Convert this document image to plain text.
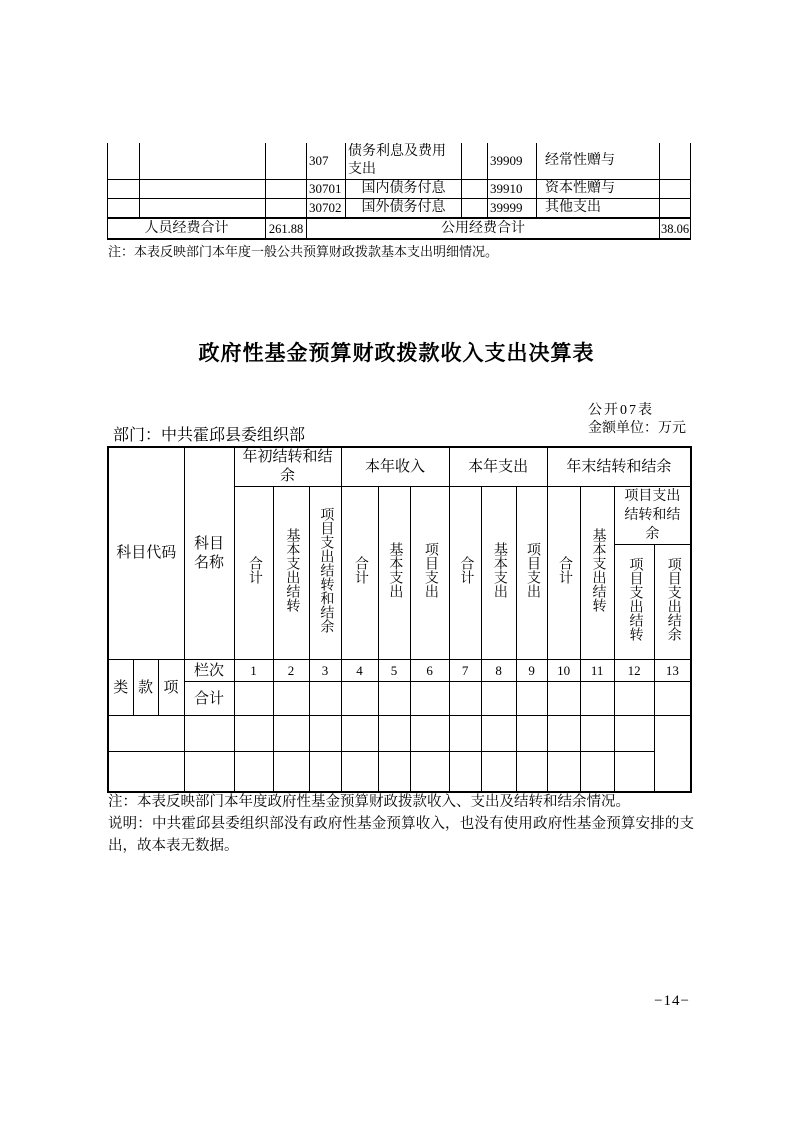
			307	债务利息及费用支出		39909	经常性赠与	
			30701	国内债务付息		39910	资本性赠与	
			30702	国外债务付息		39999	其他支出	
人员经费合计		261.88	公用经费合计					38.06
注：本表反映部门本年度一般公共预算财政拨款基本支出明细情况。
政府性基金预算财政拨款收入支出决算表
公开07表
金额单位：万元
部门：中共霍邱县委组织部
科目代码			科目名称	年初结转和结余			本年收入			本年支出			年末结转和结余			
				合计	基本支出结转	项目支出结转和结余	合计	基本支出	项目支出	合计	基本支出	项目支出	合计	基本支出结转	项目支出结转和结余	
															项目支出结转	项目支出结余
类	款	项	栏次	1	2	3	4	5	6	7	8	9	10	11	12	13
			合计													

注：本表反映部门本年度政府性基金预算财政拨款收入、支出及结转和结余情况。
说明：中共霍邱县委组织部没有政府性基金预算收入，也没有使用政府性基金预算安排的支出，故本表无数据。
−14−
